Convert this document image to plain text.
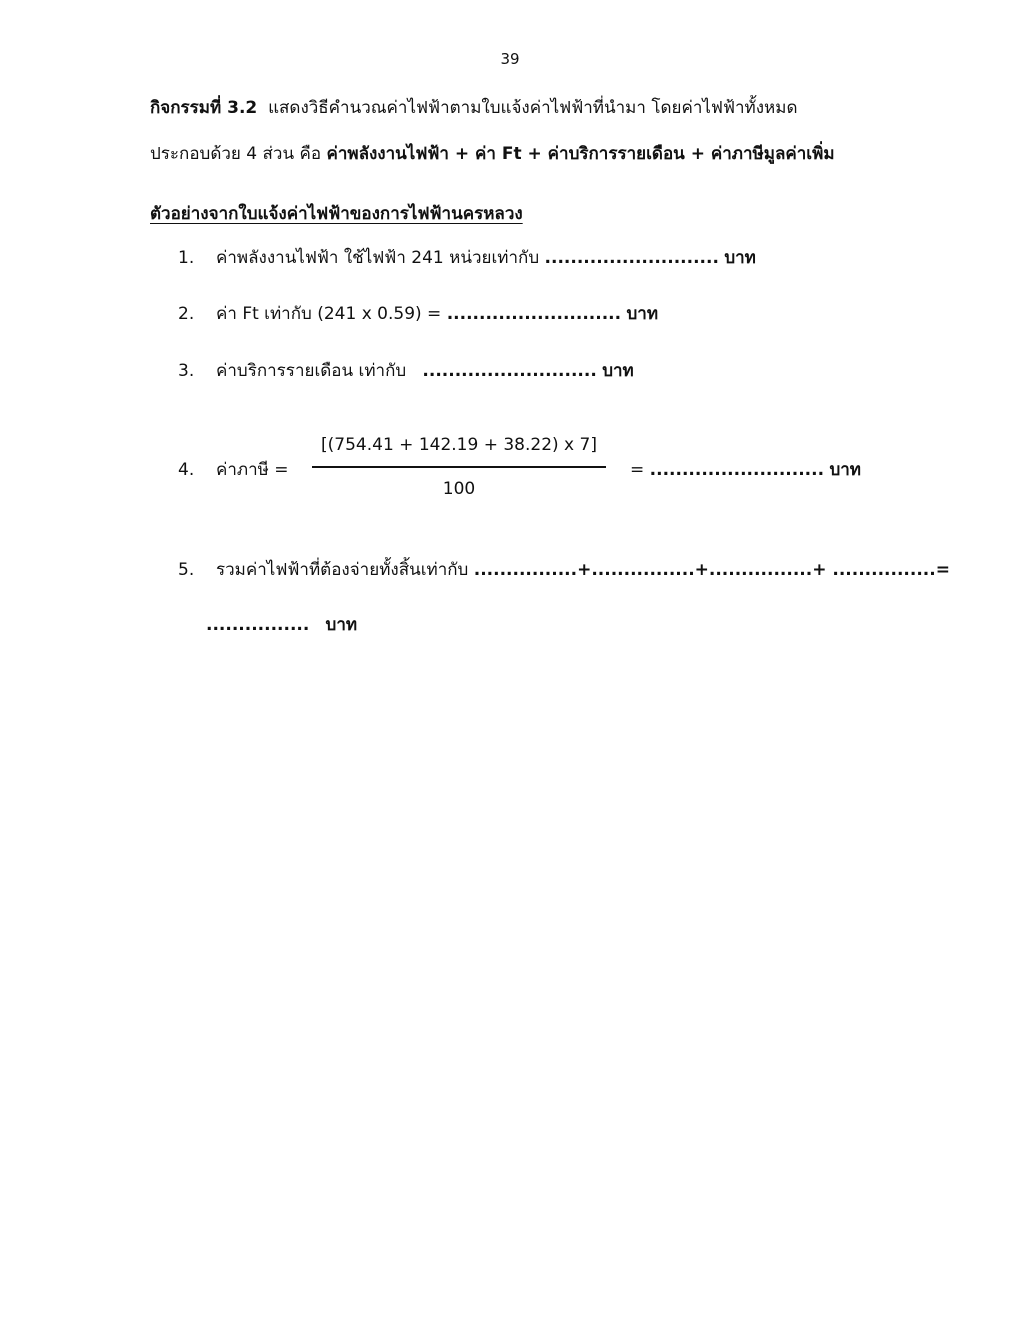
39
กิจกรรมที่ 3.2 แสดงวิธีคำนวณค่าไฟฟ้าตามใบแจ้งค่าไฟฟ้าที่นำมา โดยค่าไฟฟ้าทั้งหมด
ประกอบด้วย 4 ส่วน คือ ค่าพลังงานไฟฟ้า + ค่า Ft + ค่าบริการรายเดือน + ค่าภาษีมูลค่าเพิ่ม
ตัวอย่างจากใบแจ้งค่าไฟฟ้าของการไฟฟ้านครหลวง
1. ค่าพลังงานไฟฟ้า ใช้ไฟฟ้า 241 หน่วยเท่ากับ ........................... บาท
2. ค่า Ft เท่ากับ (241 x 0.59) = ........................... บาท
3. ค่าบริการรายเดือน เท่ากับ ........................... บาท
4. ค่าภาษี =
[(754.41 + 142.19 + 38.22) x 7]
100
= ........................... บาท
5. รวมค่าไฟฟ้าที่ต้องจ่ายทั้งสิ้นเท่ากับ ................+................+................+ ................=
................ บาท
